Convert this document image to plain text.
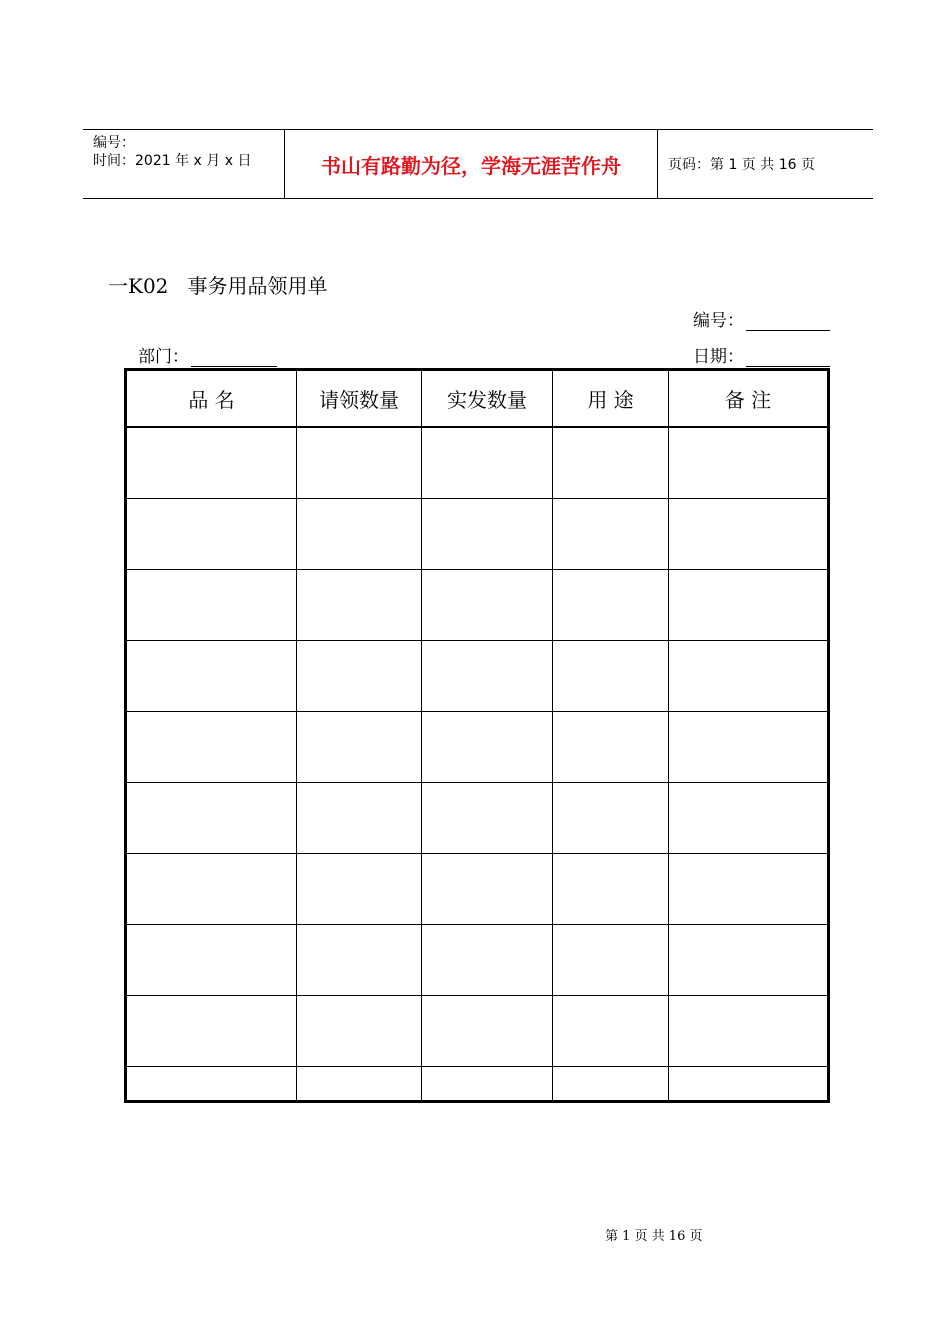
编号：
时间：2021 年 x 月 x 日	书山有路勤为径，学海无涯苦作舟	页码：第 1 页 共 16 页
一K02   事务用品领用单
编号：
部门：	日期：
品 名	请领数量	实发数量	用 途	备 注

第 1 页 共 16 页
